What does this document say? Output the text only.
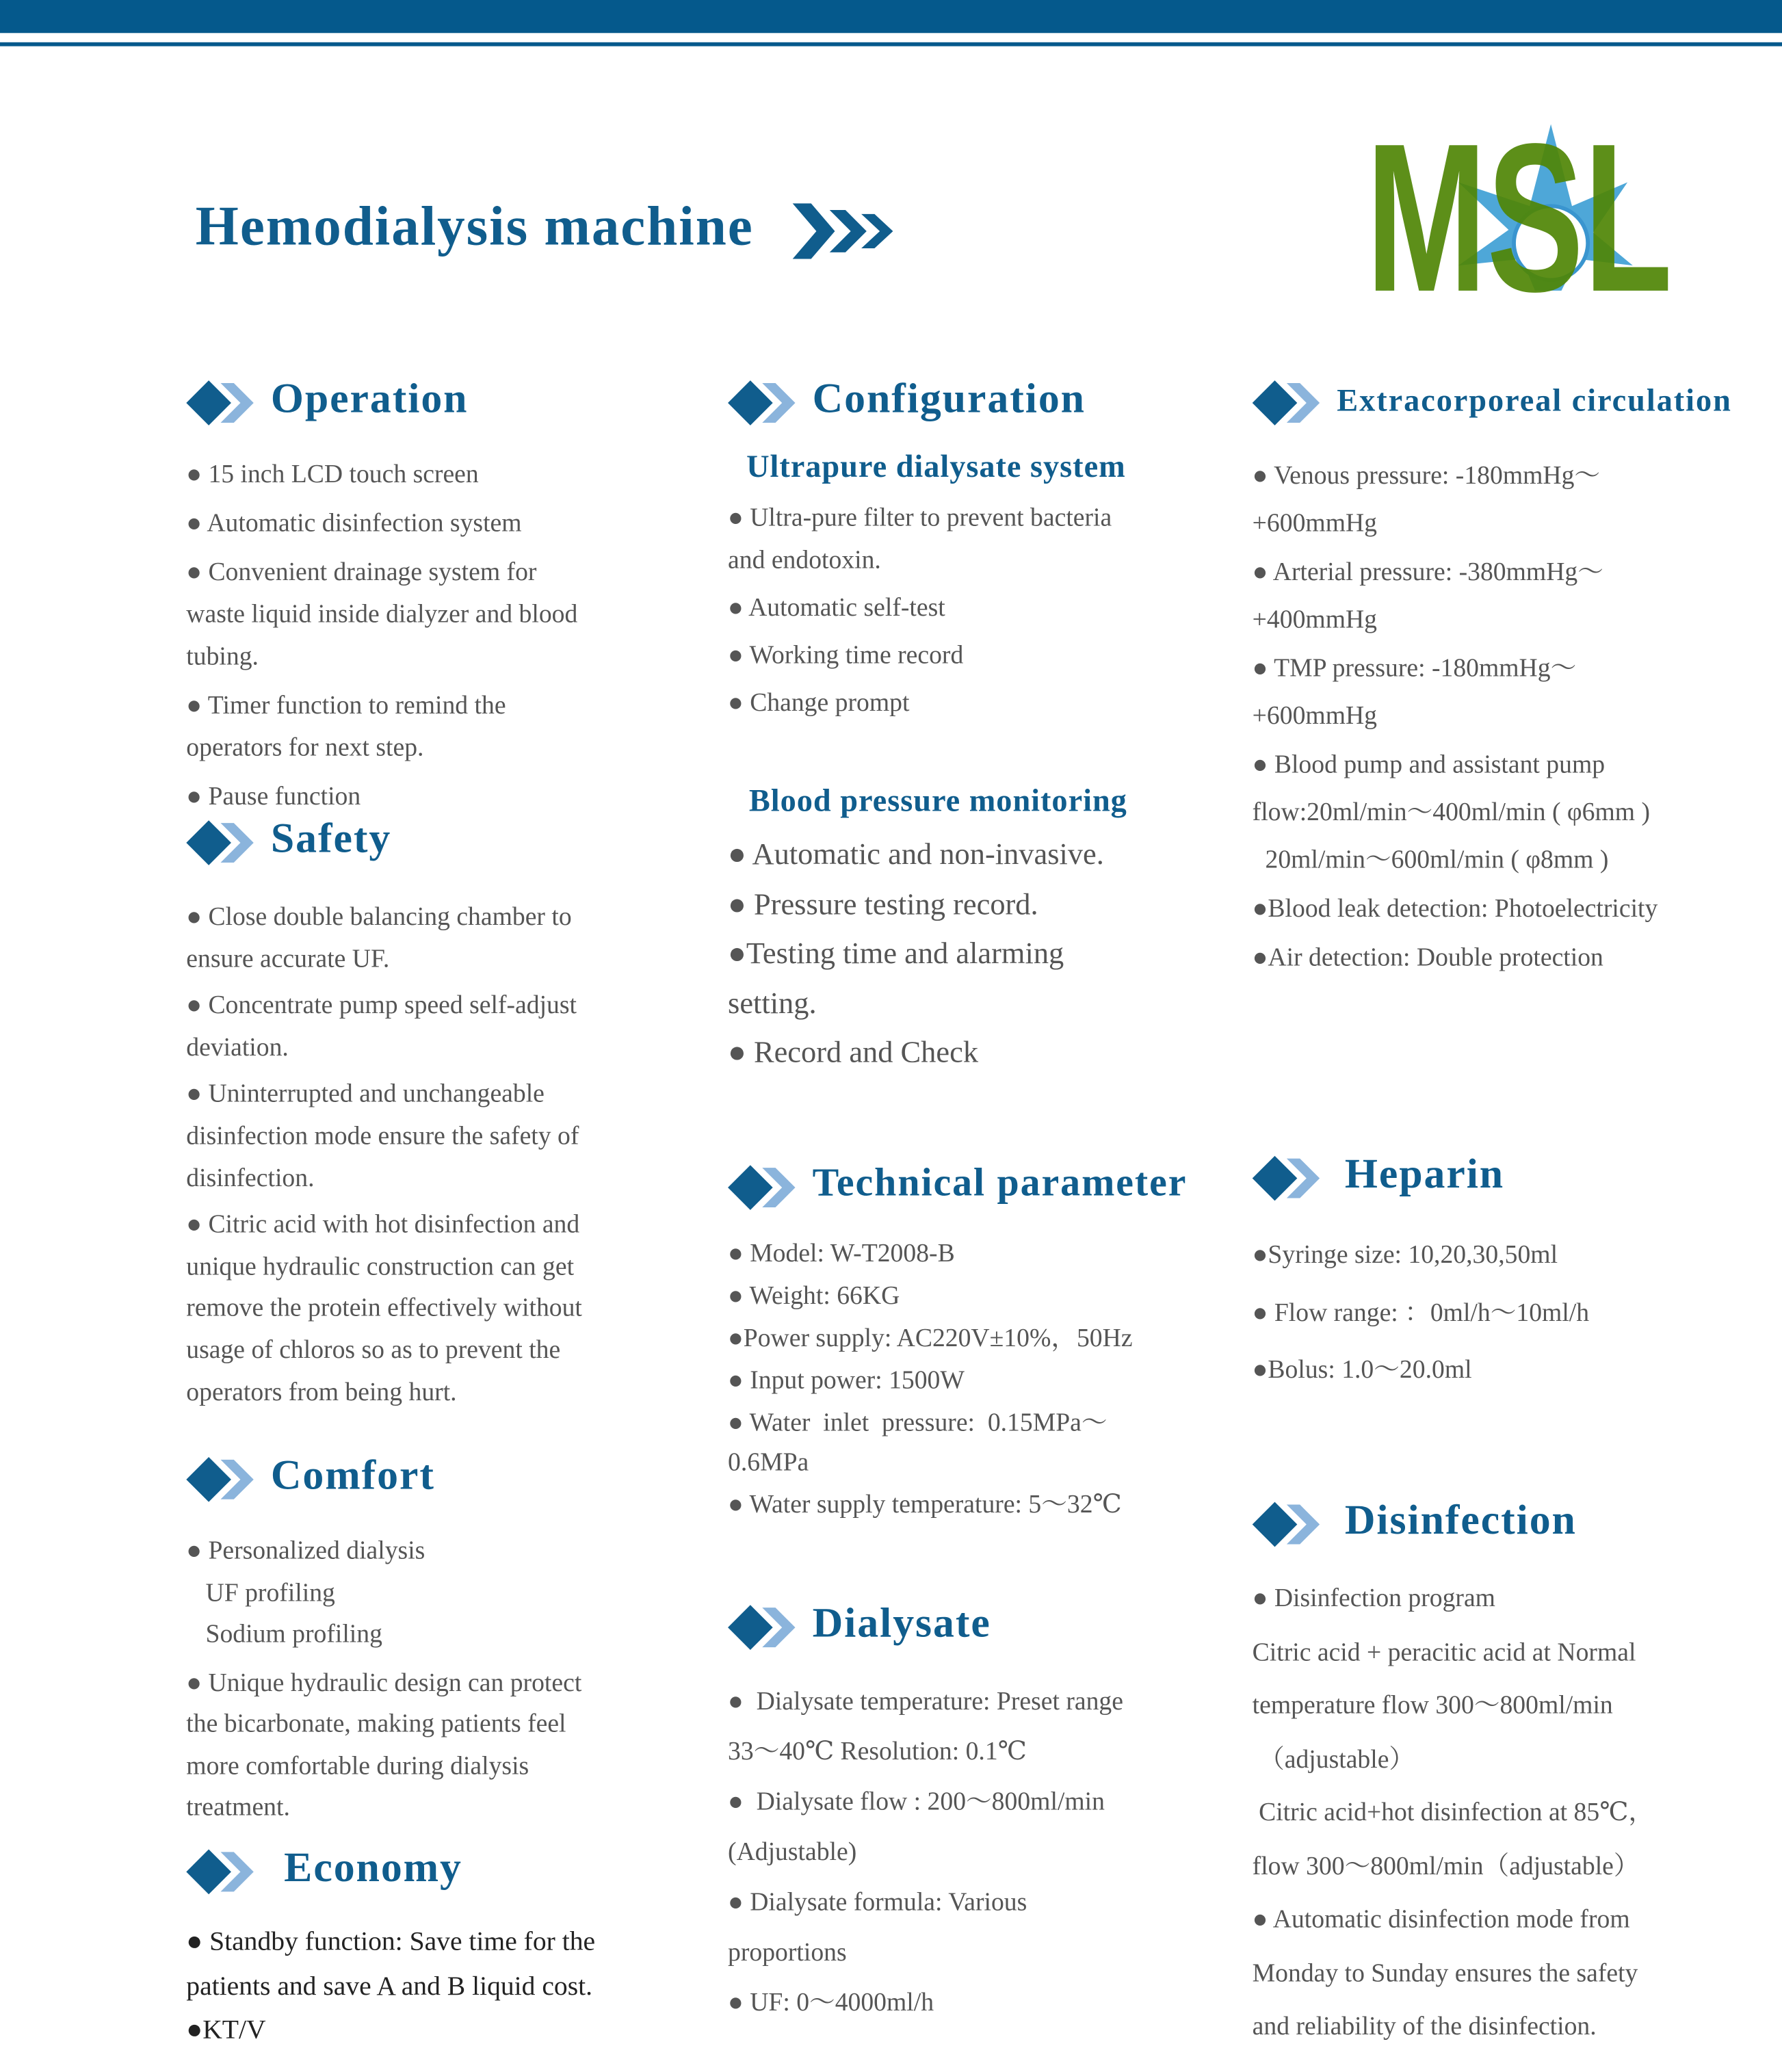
Hemodialysis machine	MSL
Operation
● 15 inch LCD touch screen
● Automatic disinfection system
● Convenient drainage system for
waste liquid inside dialyzer and blood
tubing.
● Timer function to remind the
operators for next step.
● Pause function
Safety
● Close double balancing chamber to
ensure accurate UF.
● Concentrate pump speed self-adjust
deviation.
● Uninterrupted and unchangeable
disinfection mode ensure the safety of
disinfection.
● Citric acid with hot disinfection and
unique hydraulic construction can get
remove the protein effectively without
usage of chloros so as to prevent the
operators from being hurt.
Comfort
● Personalized dialysis
UF profiling
Sodium profiling
● Unique hydraulic design can protect
the bicarbonate, making patients feel
more comfortable during dialysis
treatment.
Economy
● Standby function: Save time for the
patients and save A and B liquid cost.
●KT/V
Configuration
Ultrapure dialysate system
● Ultra-pure filter to prevent bacteria
and endotoxin.
● Automatic self-test
● Working time record
● Change prompt
Blood pressure monitoring
● Automatic and non-invasive.
● Pressure testing record.
●Testing time and alarming
setting.
● Record and Check
Technical parameter
● Model: W-T2008-B
● Weight: 66KG
●Power supply: AC220V±10%，50Hz
● Input power: 1500W
● Water  inlet  pressure:  0.15MPa～
0.6MPa
● Water supply temperature: 5～32℃
Dialysate
●  Dialysate temperature: Preset range
33～40℃ Resolution: 0.1℃
●  Dialysate flow : 200～800ml/min
(Adjustable)
● Dialysate formula: Various
proportions
● UF: 0～4000ml/h
Extracorporeal circulation
● Venous pressure: -180mmHg～
+600mmHg
● Arterial pressure: -380mmHg～
+400mmHg
● TMP pressure: -180mmHg～
+600mmHg
● Blood pump and assistant pump
flow:20ml/min～400ml/min ( φ6mm )
20ml/min～600ml/min ( φ8mm )
●Blood leak detection: Photoelectricity
●Air detection: Double protection
Heparin
●Syringe size: 10,20,30,50ml
● Flow range: ：0ml/h～10ml/h
●Bolus: 1.0～20.0ml
Disinfection
● Disinfection program
Citric acid + peracitic acid at Normal
temperature flow 300～800ml/min
（adjustable）
Citric acid+hot disinfection at 85℃，
flow 300～800ml/min（adjustable）
● Automatic disinfection mode from
Monday to Sunday ensures the safety
and reliability of the disinfection.
